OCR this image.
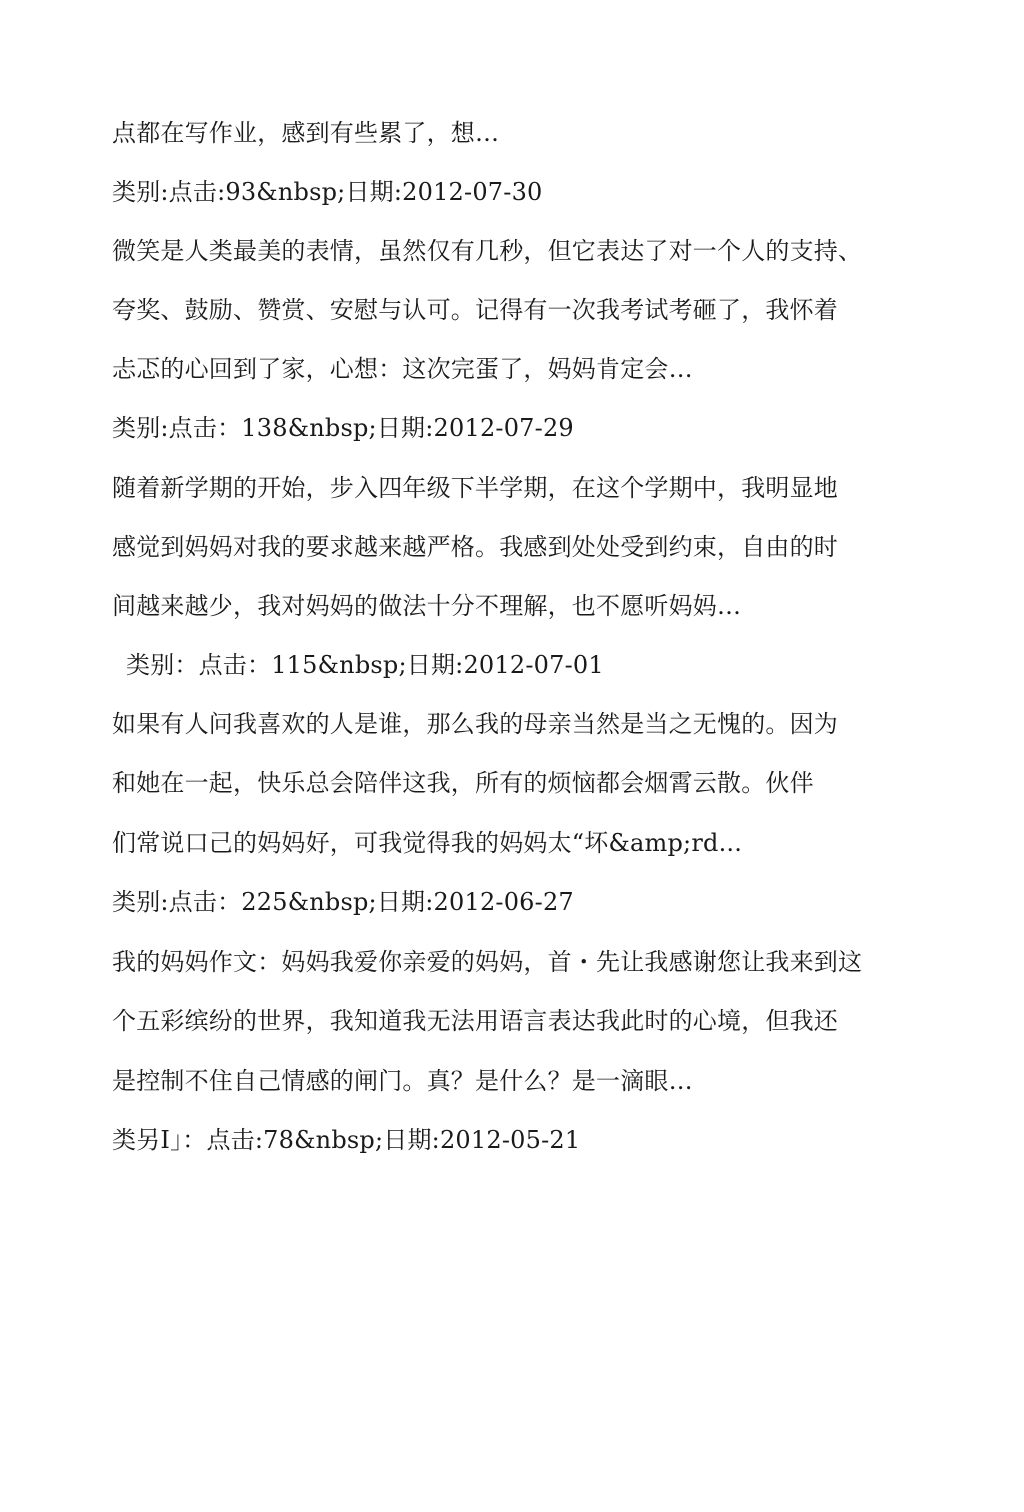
点都在写作业，感到有些累了，想…
类别:点击:93&nbsp;日期:2012-07-30
微笑是人类最美的表情，虽然仅有几秒，但它表达了对一个人的支持、
夸奖、鼓励、赞赏、安慰与认可。记得有一次我考试考砸了，我怀着
忐忑的心回到了家，心想：这次完蛋了，妈妈肯定会…
类别:点击：138&nbsp;日期:2012-07-29
随着新学期的开始，步入四年级下半学期，在这个学期中，我明显地
感觉到妈妈对我的要求越来越严格。我感到处处受到约束，自由的时
间越来越少，我对妈妈的做法十分不理解，也不愿听妈妈…
类别：点击：115&nbsp;日期:2012-07-01
如果有人问我喜欢的人是谁，那么我的母亲当然是当之无愧的。因为
和她在一起，快乐总会陪伴这我，所有的烦恼都会烟霄云散。伙伴
们常说口己的妈妈好，可我觉得我的妈妈太“坏&amp;rd...
类别:点击：225&nbsp;日期:2012-06-27
我的妈妈作文：妈妈我爱你亲爱的妈妈，首・先让我感谢您让我来到这
个五彩缤纷的世界，我知道我无法用语言表达我此时的心境，但我还
是控制不住自己情感的闸门。真？是什么？是一滴眼…
类另I」：点击:78&nbsp;日期:2012-05-21
